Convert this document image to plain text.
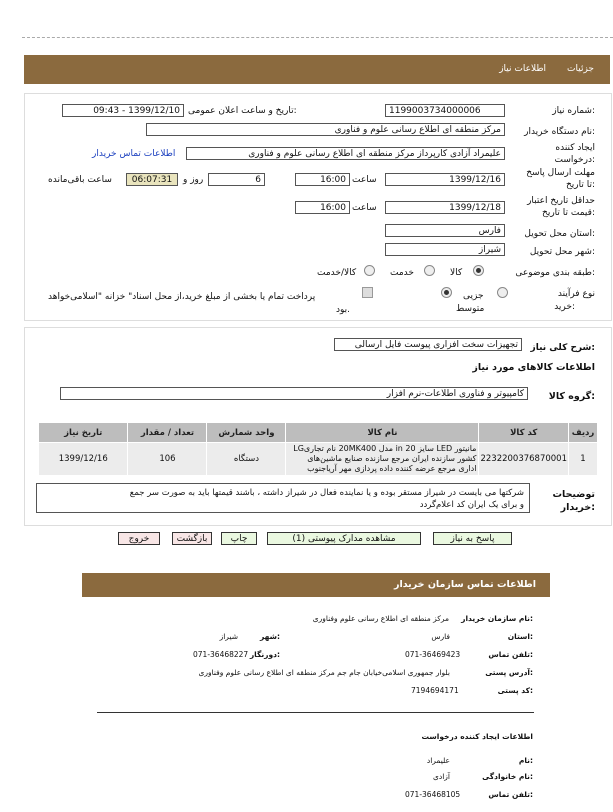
جزئیات
اطلاعات نیاز
شماره نیاز:
1199003734000006
تاریخ و ساعت اعلان عمومی:
1399/12/10 - 09:43
نام دستگاه خریدار:
مرکز منطقه ای اطلاع رسانی علوم و فناوری
ایجاد کننده
درخواست:
علیمراد آزادی کارپرداز مرکز منطقه ای اطلاع رسانی علوم و فناوری
اطلاعات تماس خریدار
مهلت ارسال پاسخ
تا تاریخ:
1399/12/16
ساعت
16:00
6
روز و
06:07:31
ساعت باقی‌مانده
حداقل تاریخ اعتبار
قیمت تا تاریخ:
1399/12/18
ساعت
16:00
استان محل تحویل:
فارس
شهر محل تحویل:
شیراز
طبقه بندی موضوعی:
کالا
خدمت
کالا/خدمت
نوع فرآیند
خرید:
جزیی
متوسط
پرداخت تمام یا بخشی از مبلغ خرید،از محل اسناد" خزانه "اسلامی‌خواهد
بود.
شرح کلی نیاز:
تجهیزات سخت افزاری پیوست فایل ارسالی
اطلاعات کالاهای مورد نیاز
گروه کالا:
کامپیوتر و فناوری اطلاعات-نرم افزار
ردیف	کد کالا	نام کالا	واحد شمارش	تعداد / مقدار	تاریخ نیاز
1	2232200376870001	مانیتور LED سایز 20 in مدل 20MK400 نام تجاریLG
کشور سازنده ایران مرجع سازنده صنایع ماشین‌های
اداری مرجع عرضه کننده داده پردازی مهر آریاجنوب	دستگاه	106	1399/12/16
توضیحات
خریدار:
شرکتها می بایست در شیراز مستقر بوده و یا نماینده فعال در شیراز داشته ، باشند قیمتها باید به صورت سر جمع
و برای یک ایران کد اعلام‌گردد
پاسخ به نیاز
مشاهده مدارک پیوستی (1)
چاپ
بازگشت
خروج
اطلاعات تماس سازمان خریدار
نام سازمان خریدار:
مرکز منطقه ای اطلاع رسانی علوم وفناوری
استان:
فارس
شهر:
شیراز
تلفن تماس:
071-36469423
دورنگار:
071-36468227
آدرس پستی:
بلوار جمهوری اسلامی‌خیابان جام جم مرکز منطقه ای اطلاع رسانی علوم وفناوری
کد پستی:
7194694171
اطلاعات ایجاد کننده درخواست
نام:
علیمراد
نام خانوادگی:
آزادی
تلفن تماس:
071-36468105
